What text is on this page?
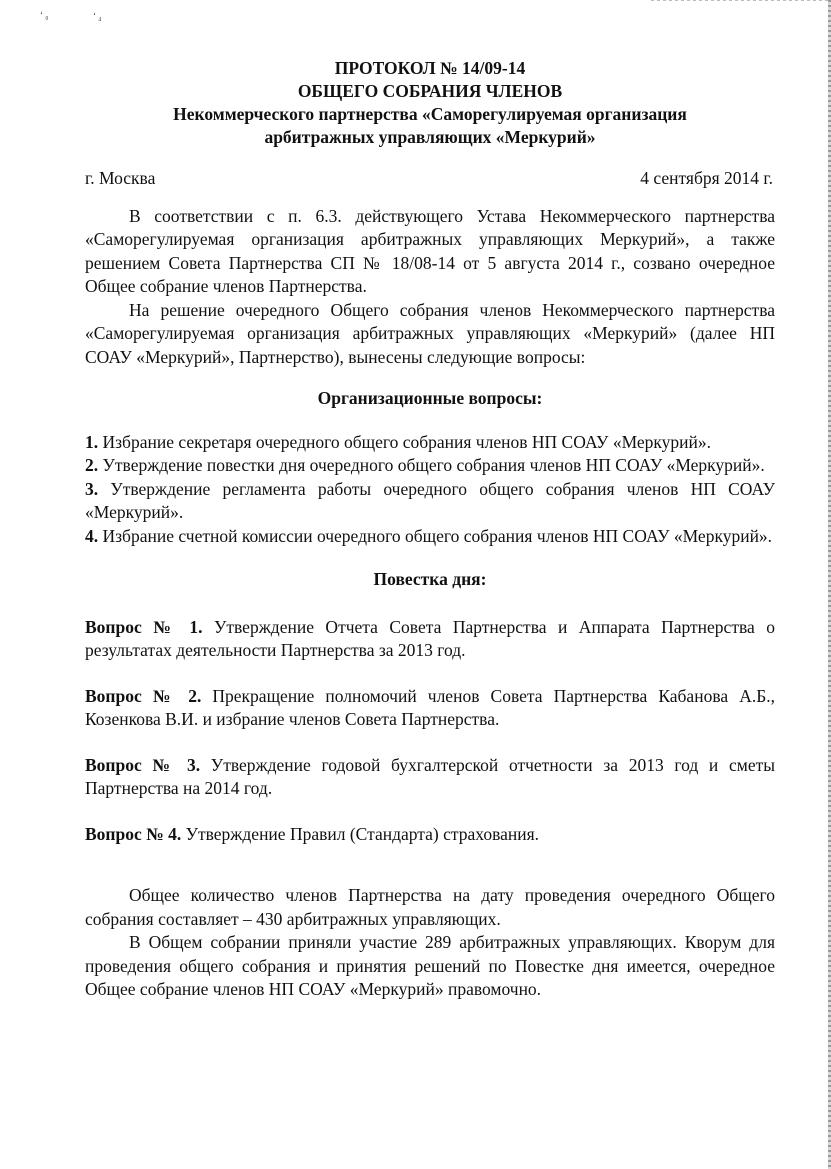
ʻ ₀	ʻ ₄
ПРОТОКОЛ № 14/09-14
ОБЩЕГО СОБРАНИЯ ЧЛЕНОВ
Некоммерческого партнерства «Саморегулируемая организация
арбитражных управляющих «Меркурий»
г. Москва	4 сентября 2014 г.

В соответствии с п. 6.3. действующего Устава Некоммерческого партнерства «Саморегулируемая организация арбитражных управляющих Меркурий», а также решением Совета Партнерства СП № 18/08-14 от 5 августа 2014 г., созвано очередное Общее собрание членов Партнерства.

На решение очередного Общего собрания членов Некоммерческого партнерства «Саморегулируемая организация арбитражных управляющих «Меркурий» (далее НП СОАУ «Меркурий», Партнерство), вынесены следующие вопросы:

Организационные вопросы:

1. Избрание секретаря очередного общего собрания членов НП СОАУ «Меркурий».

2. Утверждение повестки дня очередного общего собрания членов НП СОАУ «Меркурий».

3. Утверждение регламента работы очередного общего собрания членов НП СОАУ «Меркурий».

4. Избрание счетной комиссии очередного общего собрания членов НП СОАУ «Меркурий».

Повестка дня:

Вопрос № 1. Утверждение Отчета Совета Партнерства и Аппарата Партнерства о результатах деятельности Партнерства за 2013 год.

Вопрос № 2. Прекращение полномочий членов Совета Партнерства Кабанова А.Б., Козенкова В.И. и избрание членов Совета Партнерства.

Вопрос № 3. Утверждение годовой бухгалтерской отчетности за 2013 год и сметы Партнерства на 2014 год.

Вопрос № 4. Утверждение Правил (Стандарта) страхования.

Общее количество членов Партнерства на дату проведения очередного Общего собрания составляет – 430 арбитражных управляющих.

В Общем собрании приняли участие 289 арбитражных управляющих. Кворум для проведения общего собрания и принятия решений по Повестке дня имеется, очередное Общее собрание членов НП СОАУ «Меркурий» правомочно.
